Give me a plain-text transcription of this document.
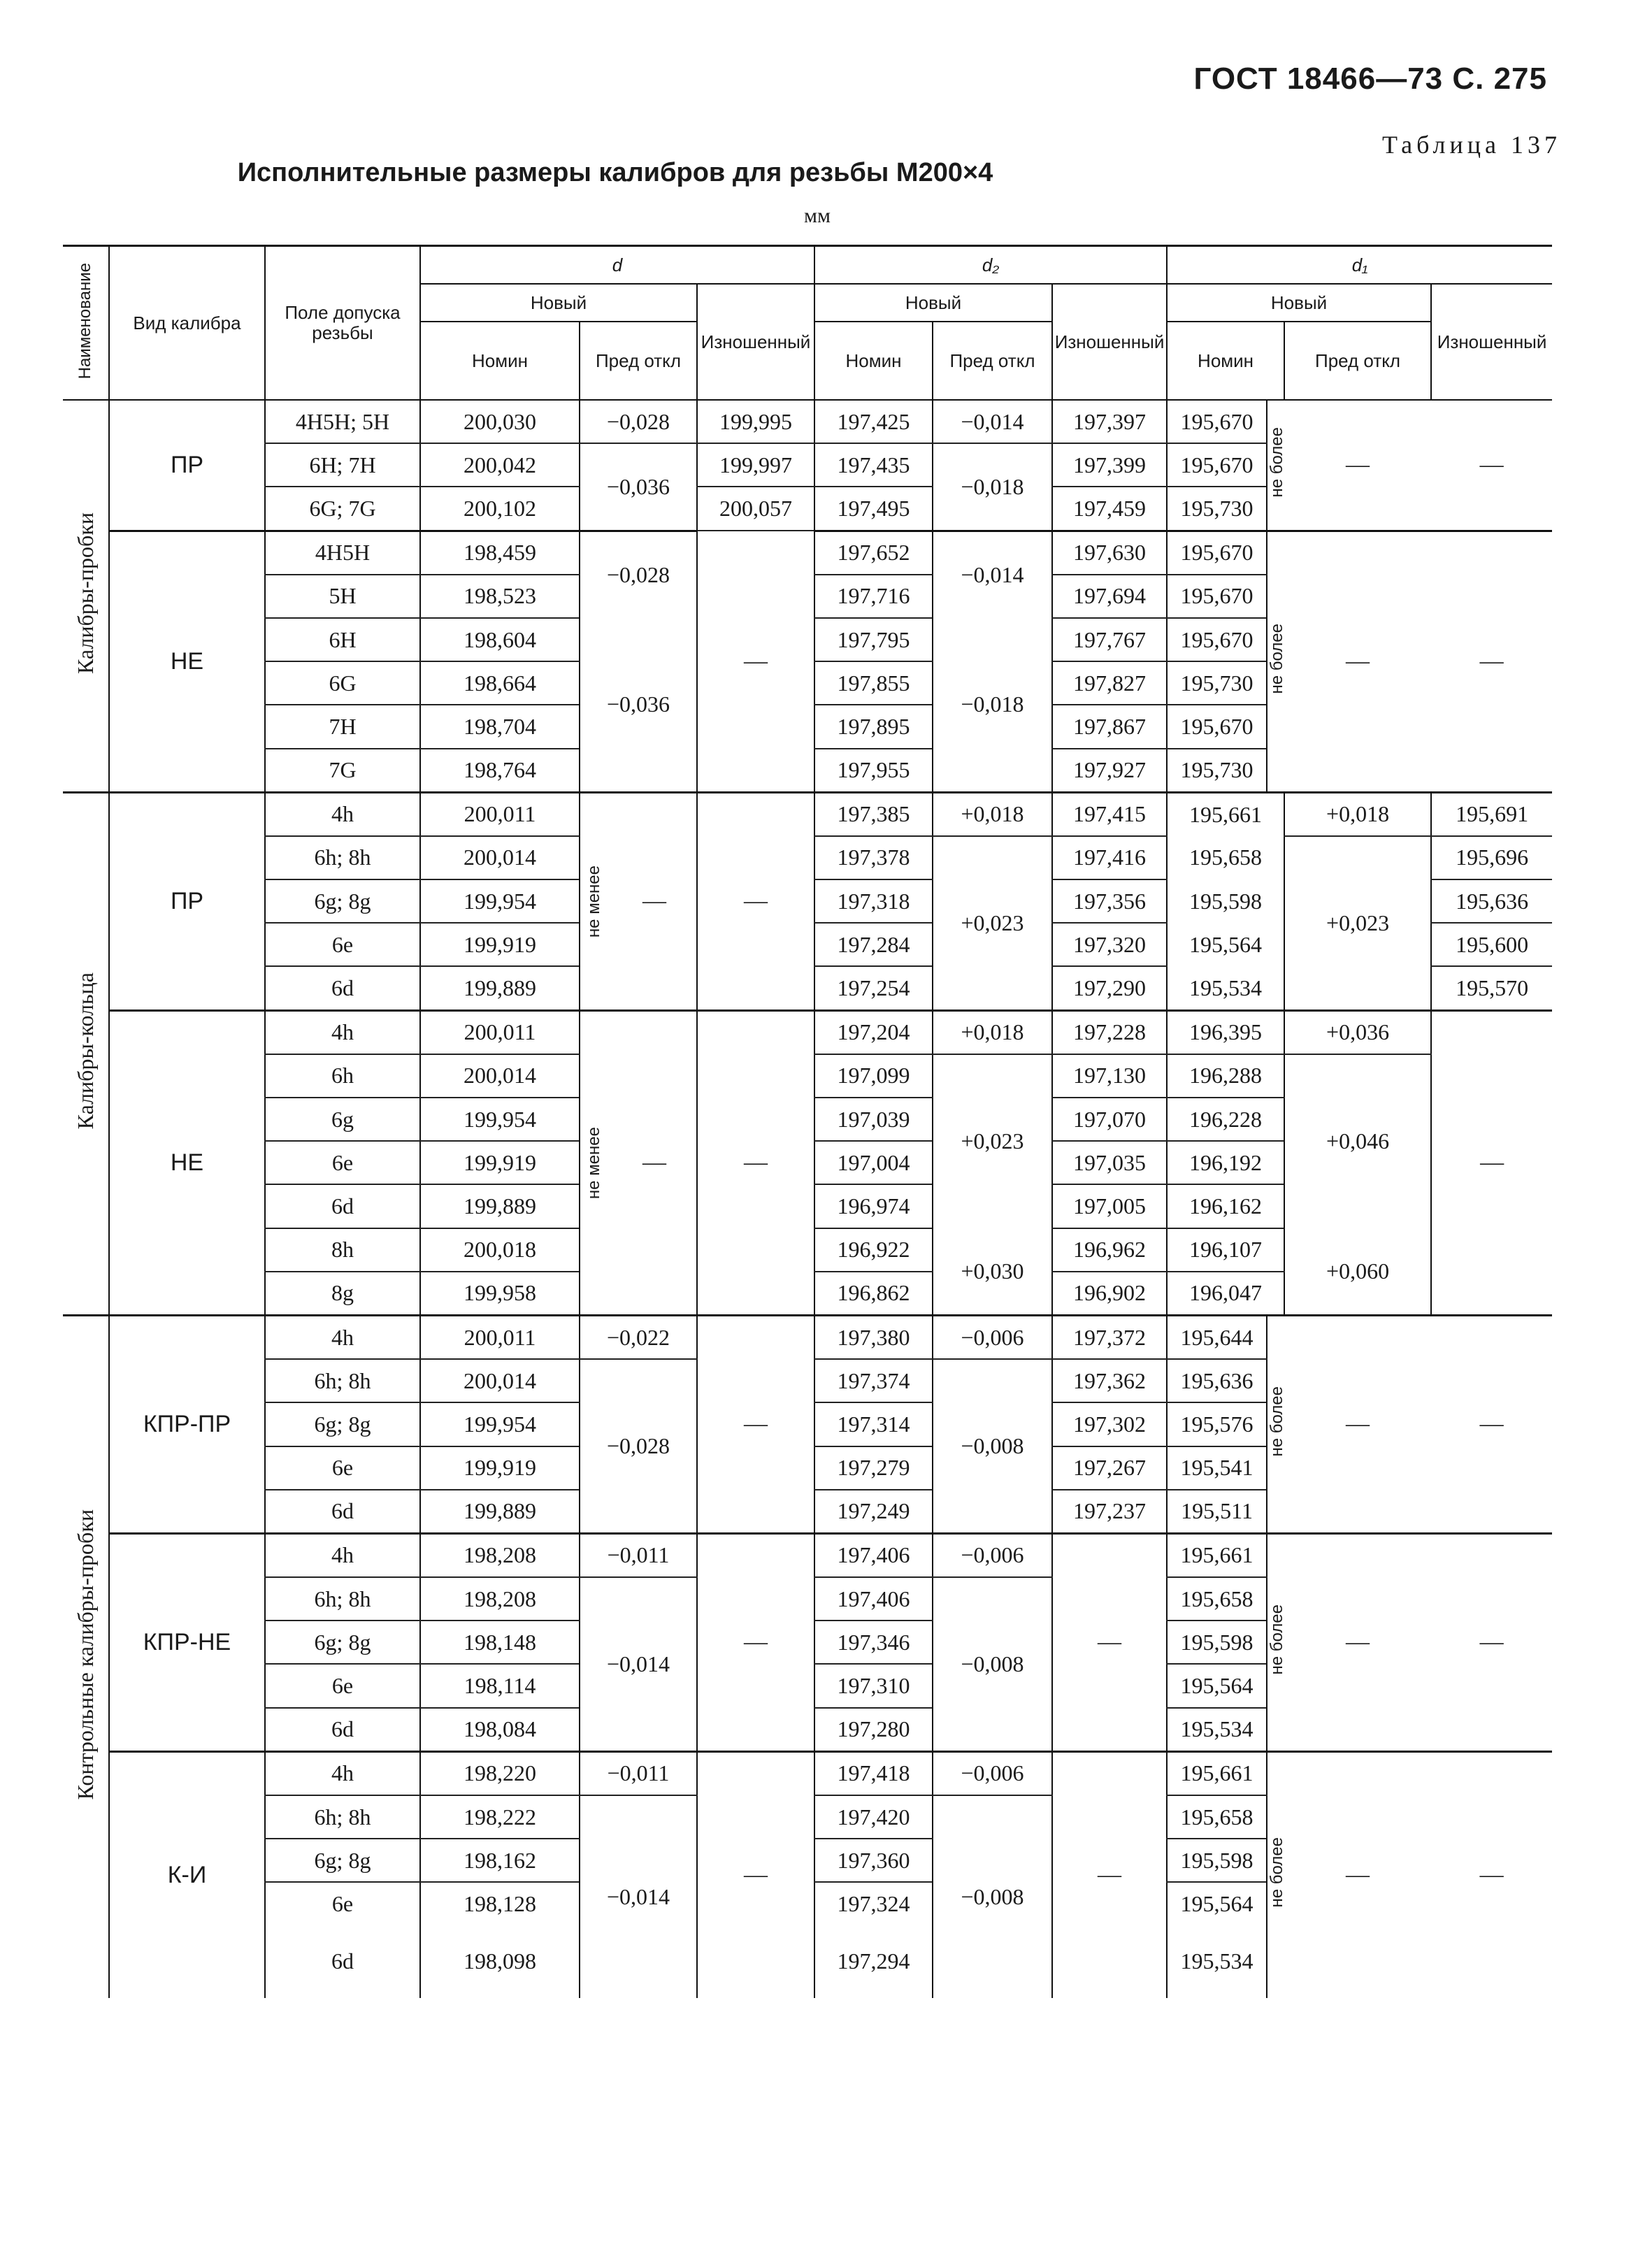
ГОСТ 18466—73 С. 275
Таблица 137
Исполнительные размеры калибров для резьбы М200×4
мм
Наименование	Вид калибра	Поле допуска резьбы	d			d₂			d₁			
			Новый		Изношенный	Новый		Изношенный	Новый			Изношенный
			Номин	Пред откл		Номин	Пред откл		Номин		Пред откл	
Калибры-пробки	ПР	4H5H; 5H	200,030	−0,028	199,995	197,425	−0,014	197,397	195,670	не более	—	—
		6H; 7H	200,042	−0,036	199,997	197,435	−0,018	197,399	195,670			
		6G; 7G	200,102		200,057	197,495		197,459	195,730			
	НЕ	4H5H	198,459	−0,028	—	197,652	−0,014	197,630	195,670	не более	—	—
		5H	198,523			197,716		197,694	195,670			
		6H	198,604	−0,036		197,795	−0,018	197,767	195,670			
		6G	198,664			197,855		197,827	195,730			
		7H	198,704			197,895		197,867	195,670			
		7G	198,764			197,955		197,927	195,730			
Калибры-кольца	ПР	4h	200,011	не менее —	—	197,385	+0,018	197,415	195,661		+0,018	195,691
		6h; 8h	200,014			197,378	+0,023	197,416	195,658		+0,023	195,696
		6g; 8g	199,954			197,318		197,356	195,598			195,636
		6e	199,919			197,284		197,320	195,564			195,600
		6d	199,889			197,254		197,290	195,534			195,570
	НЕ	4h	200,011	не менее —	—	197,204	+0,018	197,228	196,395		+0,036	—
		6h	200,014			197,099	+0,023	197,130	196,288		+0,046	
		6g	199,954			197,039		197,070	196,228			
		6e	199,919			197,004		197,035	196,192			
		6d	199,889			196,974		197,005	196,162			
		8h	200,018			196,922	+0,030	196,962	196,107		+0,060	
		8g	199,958			196,862		196,902	196,047			
Контрольные калибры-пробки	КПР-ПР	4h	200,011	−0,022	—	197,380	−0,006	197,372	195,644	не более	—	—
		6h; 8h	200,014	−0,028		197,374	−0,008	197,362	195,636			
		6g; 8g	199,954			197,314		197,302	195,576			
		6e	199,919			197,279		197,267	195,541			
		6d	199,889			197,249		197,237	195,511			
	КПР-НЕ	4h	198,208	−0,011	—	197,406	−0,006	—	195,661	не более	—	—
		6h; 8h	198,208	−0,014		197,406	−0,008		195,658			
		6g; 8g	198,148			197,346			195,598			
		6e	198,114			197,310			195,564			
		6d	198,084			197,280			195,534			
	К-И	4h	198,220	−0,011	—	197,418	−0,006	—	195,661	не более	—	—
		6h; 8h	198,222	−0,014		197,420	−0,008		195,658			
		6g; 8g	198,162			197,360			195,598			
		6e	198,128			197,324			195,564			
		6d	198,098			197,294			195,534			
